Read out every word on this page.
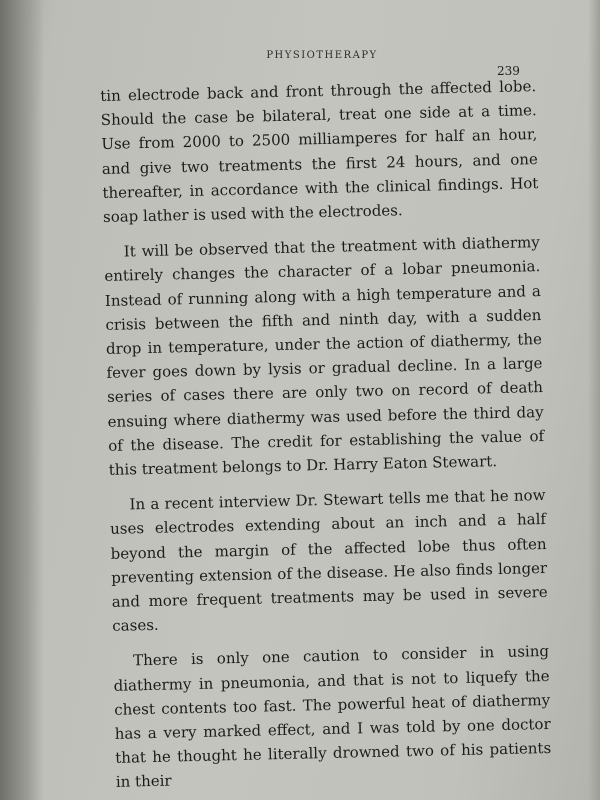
PHYSIOTHERAPY
239

tin electrode back and front through the affected lobe. Should the case be bilateral, treat one side at a time. Use from 2000 to 2500 milliamperes for half an hour, and give two treatments the first 24 hours, and one thereafter, in accordance with the clinical findings. Hot soap lather is used with the electrodes.

It will be observed that the treatment with diathermy entirely changes the character of a lobar pneumonia. Instead of running along with a high temperature and a crisis between the fifth and ninth day, with a sudden drop in temperature, under the action of diathermy, the fever goes down by lysis or gradual decline. In a large series of cases there are only two on record of death ensuing where diathermy was used before the third day of the disease. The credit for establishing the value of this treatment belongs to Dr. Harry Eaton Stewart.

In a recent interview Dr. Stewart tells me that he now uses electrodes extending about an inch and a half beyond the margin of the affected lobe thus often preventing extension of the disease. He also finds longer and more frequent treatments may be used in severe cases.

There is only one caution to consider in using diathermy in pneumonia, and that is not to liquefy the chest contents too fast. The powerful heat of diathermy has a very marked effect, and I was told by one doctor that he thought he literally drowned two of his patients in their
